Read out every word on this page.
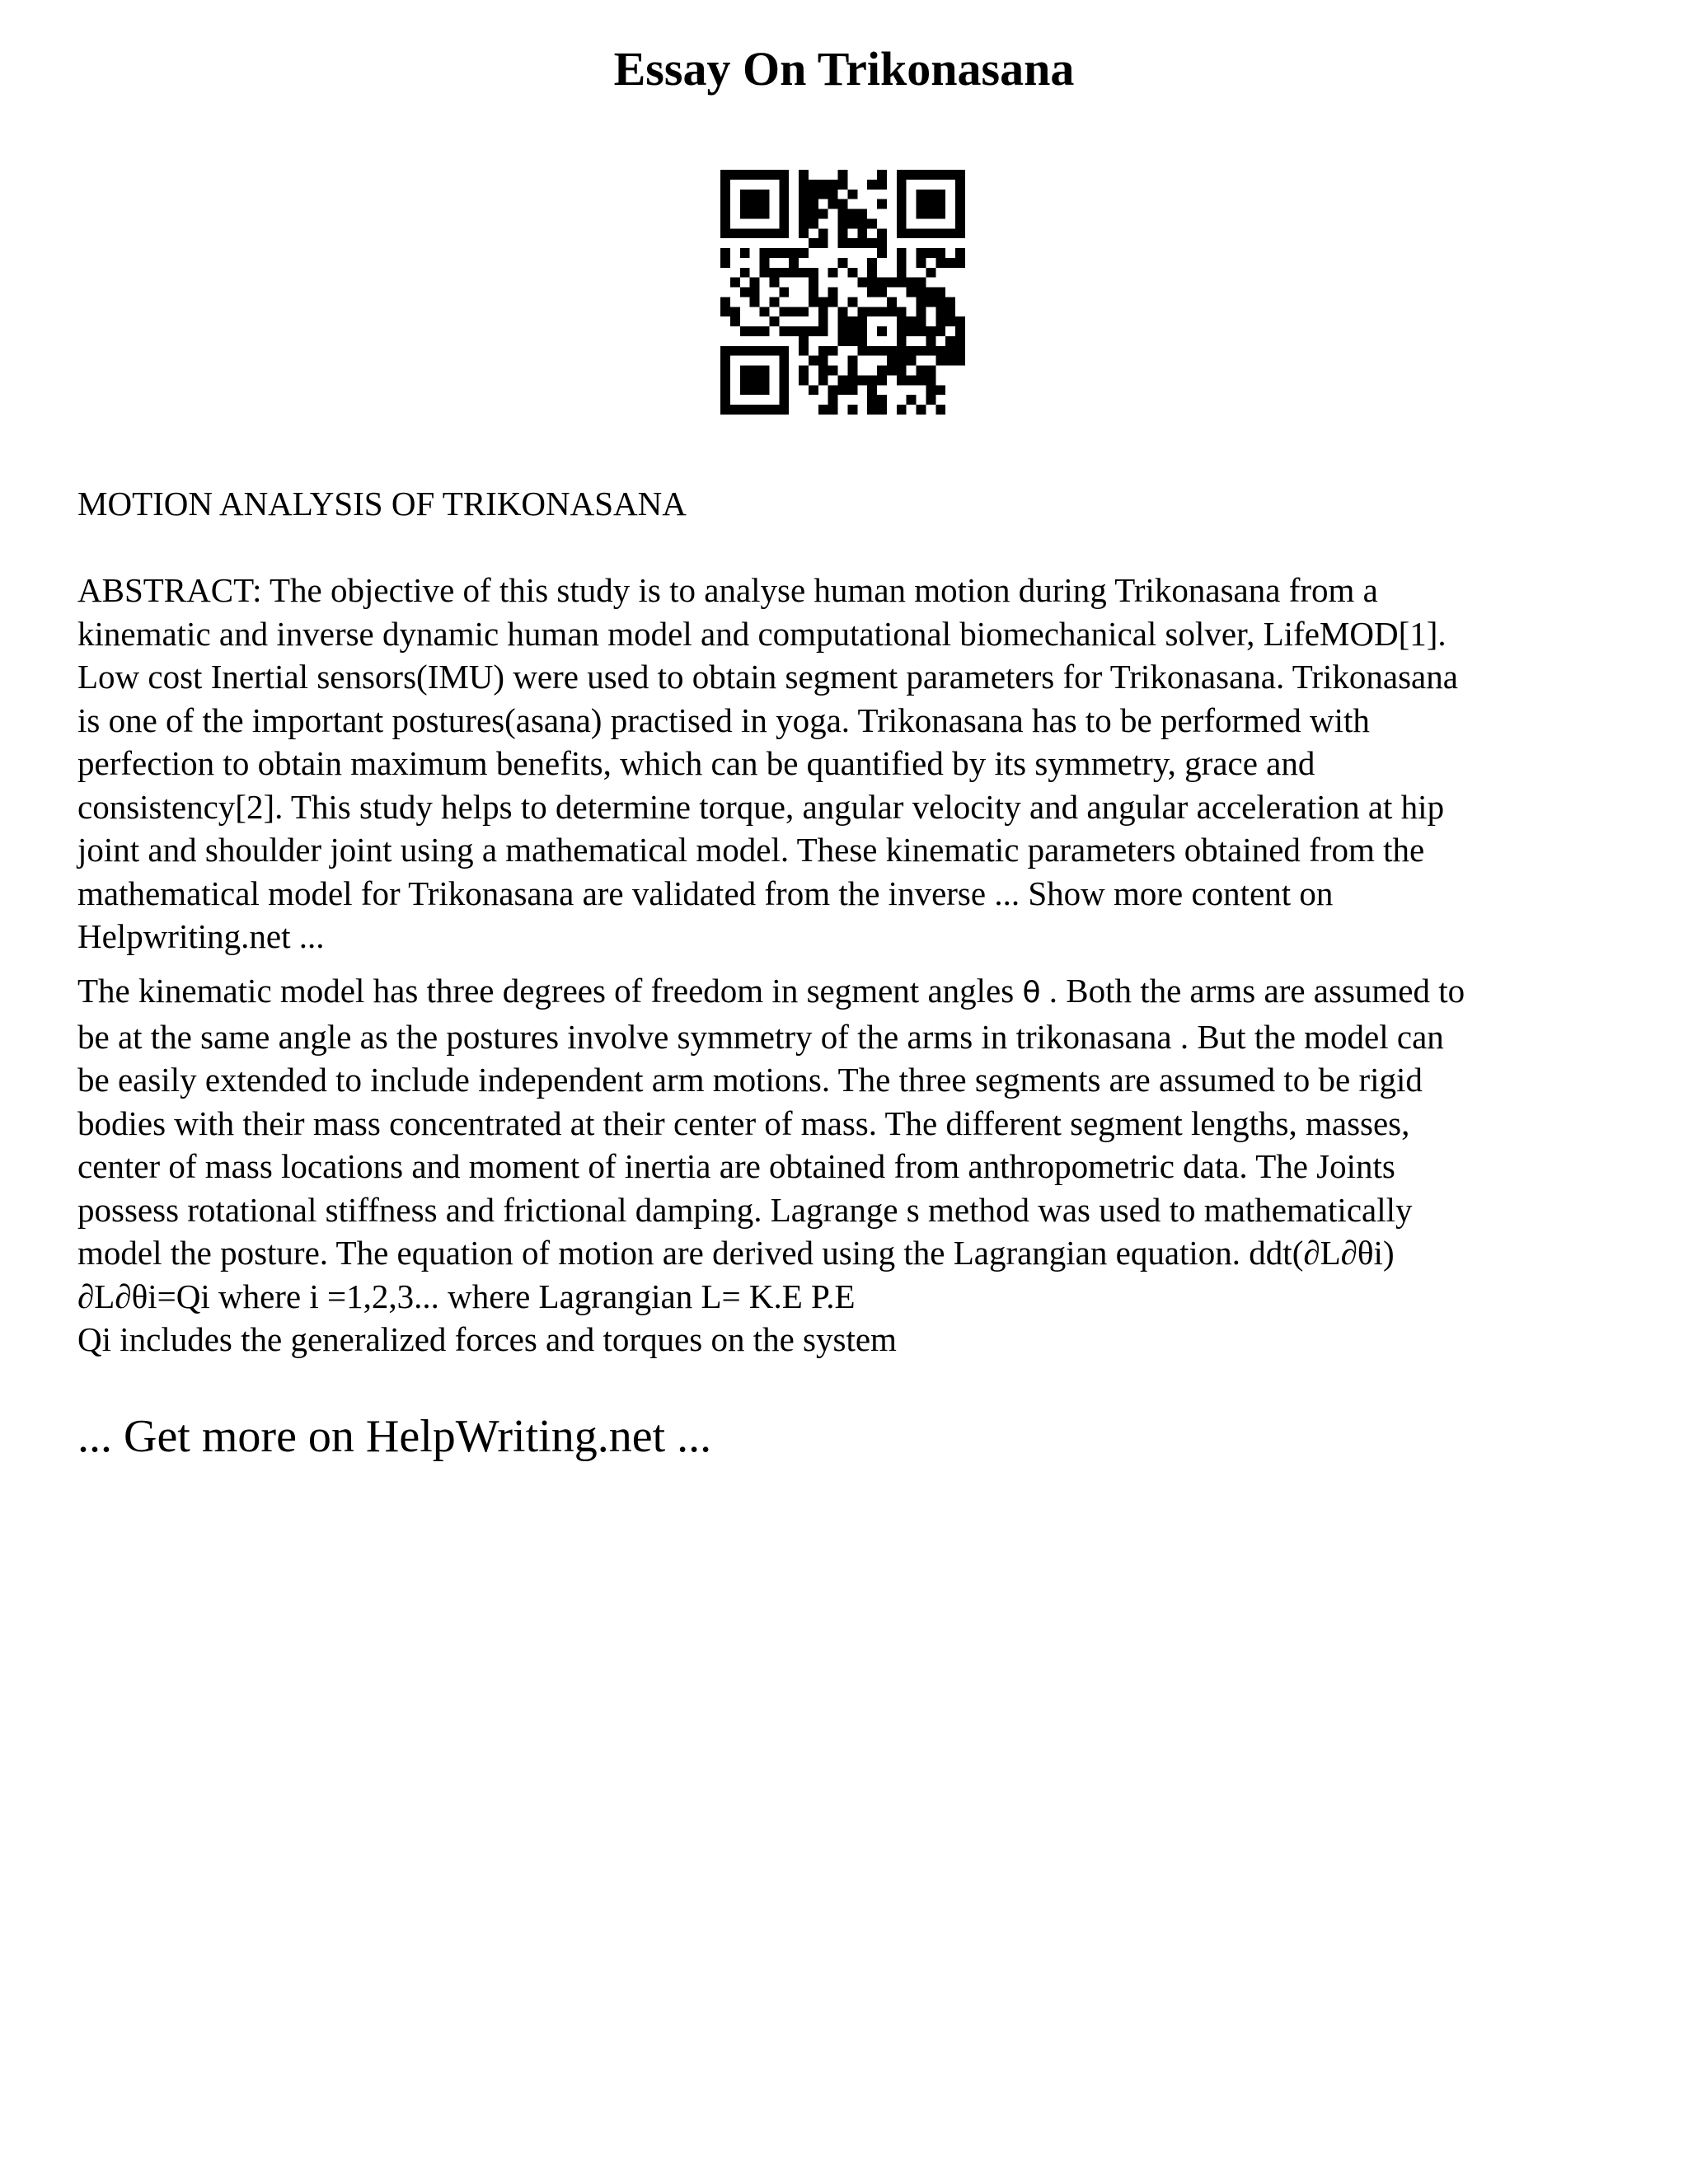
Essay On Trikonasana

MOTION ANALYSIS OF TRIKONASANA

ABSTRACT: The objective of this study is to analyse human motion during Trikonasana from a
kinematic and inverse dynamic human model and computational biomechanical solver, LifeMOD[1].
Low cost Inertial sensors(IMU) were used to obtain segment parameters for Trikonasana. Trikonasana
is one of the important postures(asana) practised in yoga. Trikonasana has to be performed with
perfection to obtain maximum benefits, which can be quantified by its symmetry, grace and
consistency[2]. This study helps to determine torque, angular velocity and angular acceleration at hip
joint and shoulder joint using a mathematical model. These kinematic parameters obtained from the
mathematical model for Trikonasana are validated from the inverse ... Show more content on
Helpwriting.net ...

The kinematic model has three degrees of freedom in segment angles θ . Both the arms are assumed to
be at the same angle as the postures involve symmetry of the arms in trikonasana . But the model can
be easily extended to include independent arm motions. The three segments are assumed to be rigid
bodies with their mass concentrated at their center of mass. The different segment lengths, masses,
center of mass locations and moment of inertia are obtained from anthropometric data. The Joints
possess rotational stiffness and frictional damping. Lagrange s method was used to mathematically
model the posture. The equation of motion are derived using the Lagrangian equation. ddt(∂L∂θi)
∂L∂θi=Qi where i =1,2,3... where Lagrangian L= K.E P.E
Qi includes the generalized forces and torques on the system

... Get more on HelpWriting.net ...
